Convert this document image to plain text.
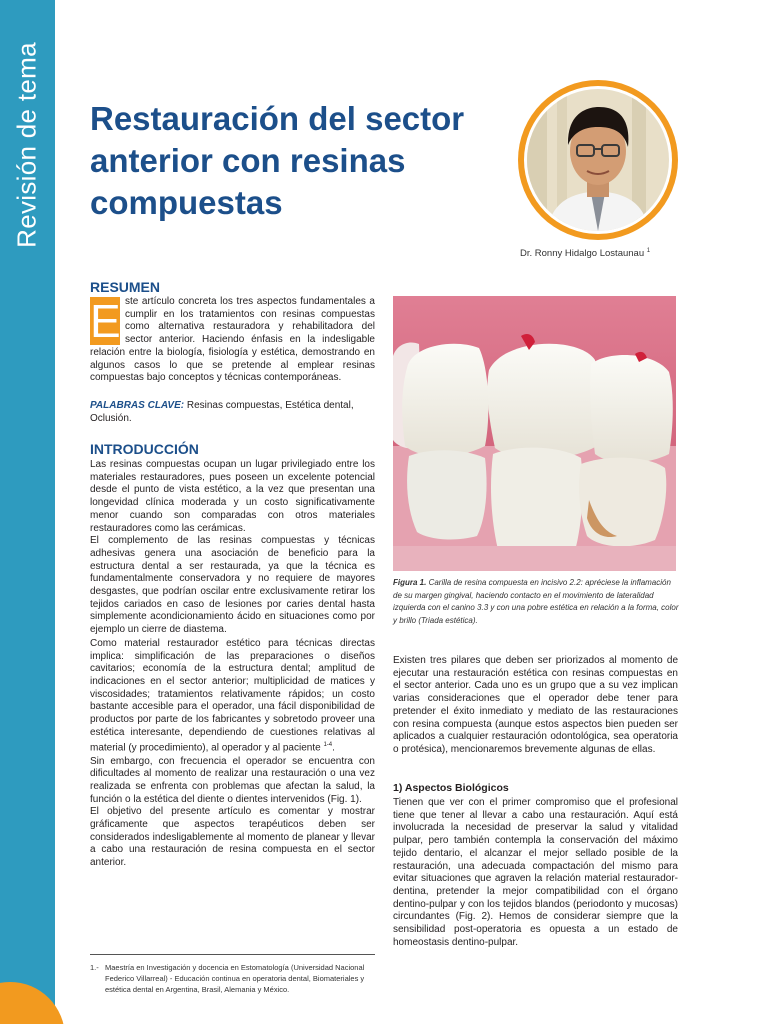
Revisión de tema Restauración del sector anterior con resinas compuestas
Dr. Ronny Hidalgo Lostaunau $^1$
RESUMEN
E ste artículo concreta los tres aspectos fundamentales a cumplir en los tratamientos con resinas compuestas como alternativa restauradora y rehabilitadora del sector anterior. Haciendo énfasis en la indesligable relación entre la biología, fisiología y estética, demostrando en algunos casos lo que se pretende al emplear resinas compuestas bajo conceptos y técnicas contemporáneas.
PALABRAS CLAVE: Resinas compuestas, Estética dental, Oclusión.
INTRODUCCIÓN

Las resinas compuestas ocupan un lugar privilegiado entre los materiales restauradores, pues poseen un excelente potencial desde el punto de vista estético, a la vez que presentan una longevidad clínica moderada y un costo significativamente menor cuando son comparadas con otros materiales restauradores como las cerámicas.

El complemento de las resinas compuestas y técnicas adhesivas genera una asociación de beneficio para la estructura dental a ser restaurada, ya que la técnica es fundamentalmente conservadora y no requiere de mayores desgastes, que podrían oscilar entre exclusivamente retirar los tejidos cariados en caso de lesiones por caries dental hasta simplemente acondicionamiento ácido en situaciones como por ejemplo un cierre de diastema.

Como material restaurador estético para técnicas directas implica: simplificación de las preparaciones o diseños cavitarios; economía de la estructura dental; amplitud de indicaciones en el sector anterior; multiplicidad de matices y viscosidades; tratamientos relativamente rápidos; un costo bastante accesible para el operador, una fácil disponibilidad de productos por parte de los fabricantes y sobretodo proveer una estética interesante, dependiendo de cuestiones relativas al material (y procedimiento), al operador y al paciente $^{1-4}$.

Sin embargo, con frecuencia el operador se encuentra con dificultades al momento de realizar una restauración o una vez realizada se enfrenta con problemas que afectan la salud, la función o la estética del diente o dientes intervenidos (Fig. 1).

El objetivo del presente artículo es comentar y mostrar gráficamente que aspectos terapéuticos deben ser considerados indesligablemente al momento de planear y llevar a cabo una restauración de resina compuesta en el sector anterior.

Figura 1. Carilla de resina compuesta en incisivo 2.2: apréciese la inflamación de su margen gingival, haciendo contacto en el movimiento de lateralidad izquierda con el canino 3.3 y con una pobre estética en relación a la forma, color y brillo (Triada estética).

Existen tres pilares que deben ser priorizados al momento de ejecutar una restauración estética con resinas compuestas en el sector anterior. Cada uno es un grupo que a su vez implican varias consideraciones que el operador debe tener para pretender el éxito inmediato y mediato de las restauraciones con resina compuesta (aunque estos aspectos bien pueden ser aplicados a cualquier restauración odontológica, sea operatoria o protésica), mencionaremos brevemente algunas de ellas.

1) Aspectos Biológicos

Tienen que ver con el primer compromiso que el profesional tiene que tener al llevar a cabo una restauración. Aquí está involucrada la necesidad de preservar la salud y vitalidad pulpar, pero también contempla la conservación del máximo tejido dentario, el alcanzar el mejor sellado posible de la restauración, una adecuada compactación del mismo para evitar situaciones que agraven la relación material restaurador-dentina, pretender la mejor compatibilidad con el órgano dentino-pulpar y con los tejidos blandos (periodonto y mucosas) circundantes (Fig. 2). Hemos de considerar siempre que la sensibilidad post-operatoria es opuesta a un estado de homeostasis dentino-pulpar.

1.- Maestría en Investigación y docencia en Estomatología (Universidad Nacional Federico Villarreal) - Educación continua en operatoria dental, Biomateriales y estética dental en Argentina, Brasil, Alemania y México.
